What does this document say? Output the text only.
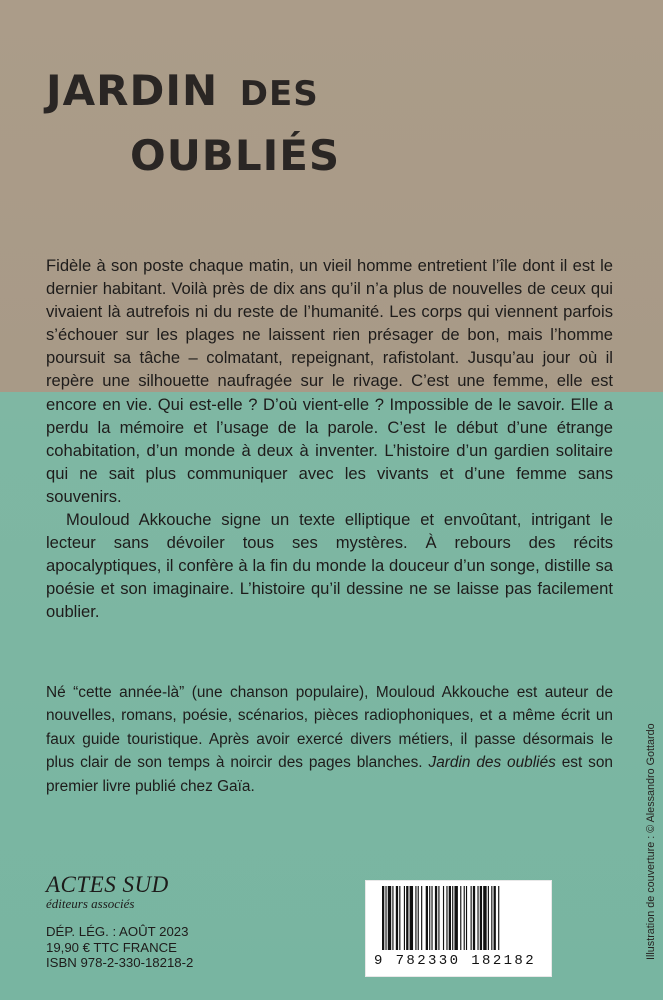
JARDIN DES
OUBLIÉS

Fidèle à son poste chaque matin, un vieil homme entretient l’île dont il est le dernier habitant. Voilà près de dix ans qu’il n’a plus de nouvelles de ceux qui vivaient là autrefois ni du reste de l’humanité. Les corps qui viennent parfois s’échouer sur les plages ne laissent rien présager de bon, mais l’homme poursuit sa tâche – colmatant, repeignant, rafistolant. Jusqu’au jour où il repère une silhouette naufragée sur le rivage. C’est une femme, elle est encore en vie. Qui est-elle ? D’où vient-elle ? Impossible de le savoir. Elle a perdu la mémoire et l’usage de la parole. C’est le début d’une étrange cohabitation, d’un monde à deux à inventer. L’histoire d’un gardien solitaire qui ne sait plus communiquer avec les vivants et d’une femme sans souvenirs.

Mouloud Akkouche signe un texte elliptique et envoûtant, intrigant le lecteur sans dévoiler tous ses mystères. À rebours des récits apocalyptiques, il confère à la fin du monde la douceur d’un songe, distille sa poésie et son imaginaire. L’histoire qu’il dessine ne se laisse pas facilement oublier.

Né “cette année-là” (une chanson populaire), Mouloud Akkouche est auteur de nouvelles, romans, poésie, scénarios, pièces radiophoniques, et a même écrit un faux guide touristique. Après avoir exercé divers métiers, il passe désormais le plus clair de son temps à noircir des pages blanches. Jardin des oubliés est son premier livre publié chez Gaïa.

ACTES SUD
éditeurs associés
DÉP. LÉG. : AOÛT 2023
19,90 € TTC FRANCE
ISBN 978-2-330-18218-2	9 782330 182182
Illustration de couverture : © Alessandro Gottardo
